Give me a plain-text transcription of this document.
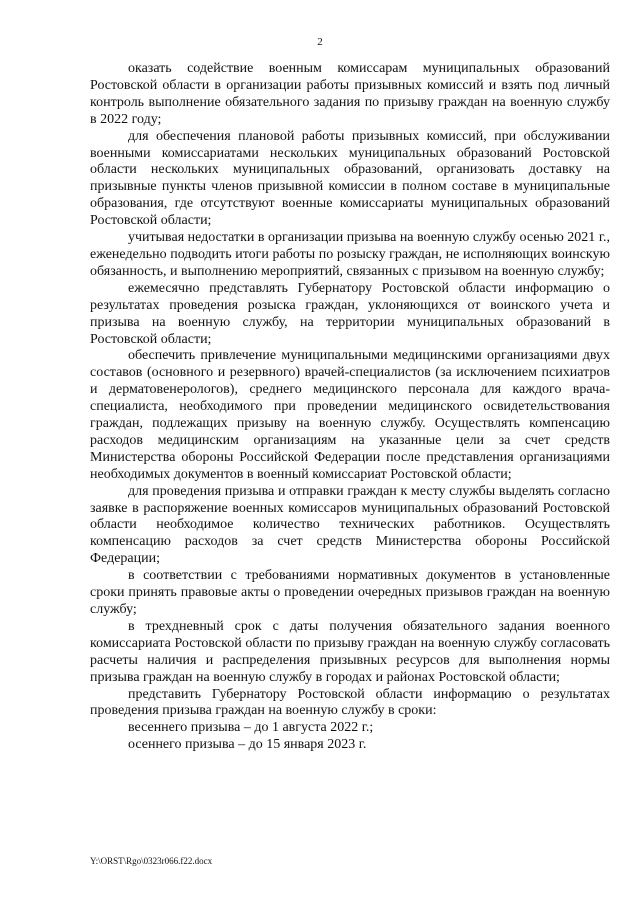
2

оказать содействие военным комиссарам муниципальных образований Ростовской области в организации работы призывных комиссий и взять под личный контроль выполнение обязательного задания по призыву граждан на военную службу в 2022 году;

для обеспечения плановой работы призывных комиссий, при обслуживании военными комиссариатами нескольких муниципальных образований Ростовской области нескольких муниципальных образований, организовать доставку на призывные пункты членов призывной комиссии в полном составе в муниципальные образования, где отсутствуют военные комиссариаты муниципальных образований Ростовской области;

учитывая недостатки в организации призыва на военную службу осенью 2021 г., еженедельно подводить итоги работы по розыску граждан, не исполняющих воинскую обязанность, и выполнению мероприятий, связанных с призывом на военную службу;

ежемесячно представлять Губернатору Ростовской области информацию о результатах проведения розыска граждан, уклоняющихся от воинского учета и призыва на военную службу, на территории муниципальных образований в Ростовской области;

обеспечить привлечение муниципальными медицинскими организациями двух составов (основного и резервного) врачей-специалистов (за исключением психиатров и дерматовенерологов), среднего медицинского персонала для каждого врача-специалиста, необходимого при проведении медицинского освидетельствования граждан, подлежащих призыву на военную службу. Осуществлять компенсацию расходов медицинским организациям на указанные цели за счет средств Министерства обороны Российской Федерации после представления организациями необходимых документов в военный комиссариат Ростовской области;

для проведения призыва и отправки граждан к месту службы выделять согласно заявке в распоряжение военных комиссаров муниципальных образований Ростовской области необходимое количество технических работников. Осуществлять компенсацию расходов за счет средств Министерства обороны Российской Федерации;

в соответствии с требованиями нормативных документов в установленные сроки принять правовые акты о проведении очередных призывов граждан на военную службу;

в трехдневный срок с даты получения обязательного задания военного комиссариата Ростовской области по призыву граждан на военную службу согласовать расчеты наличия и распределения призывных ресурсов для выполнения нормы призыва граждан на военную службу в городах и районах Ростовской области;

представить Губернатору Ростовской области информацию о результатах проведения призыва граждан на военную службу в сроки:

весеннего призыва – до 1 августа 2022 г.;

осеннего призыва – до 15 января 2023 г.

Y:\ORST\Rgo\0323r066.f22.docx
